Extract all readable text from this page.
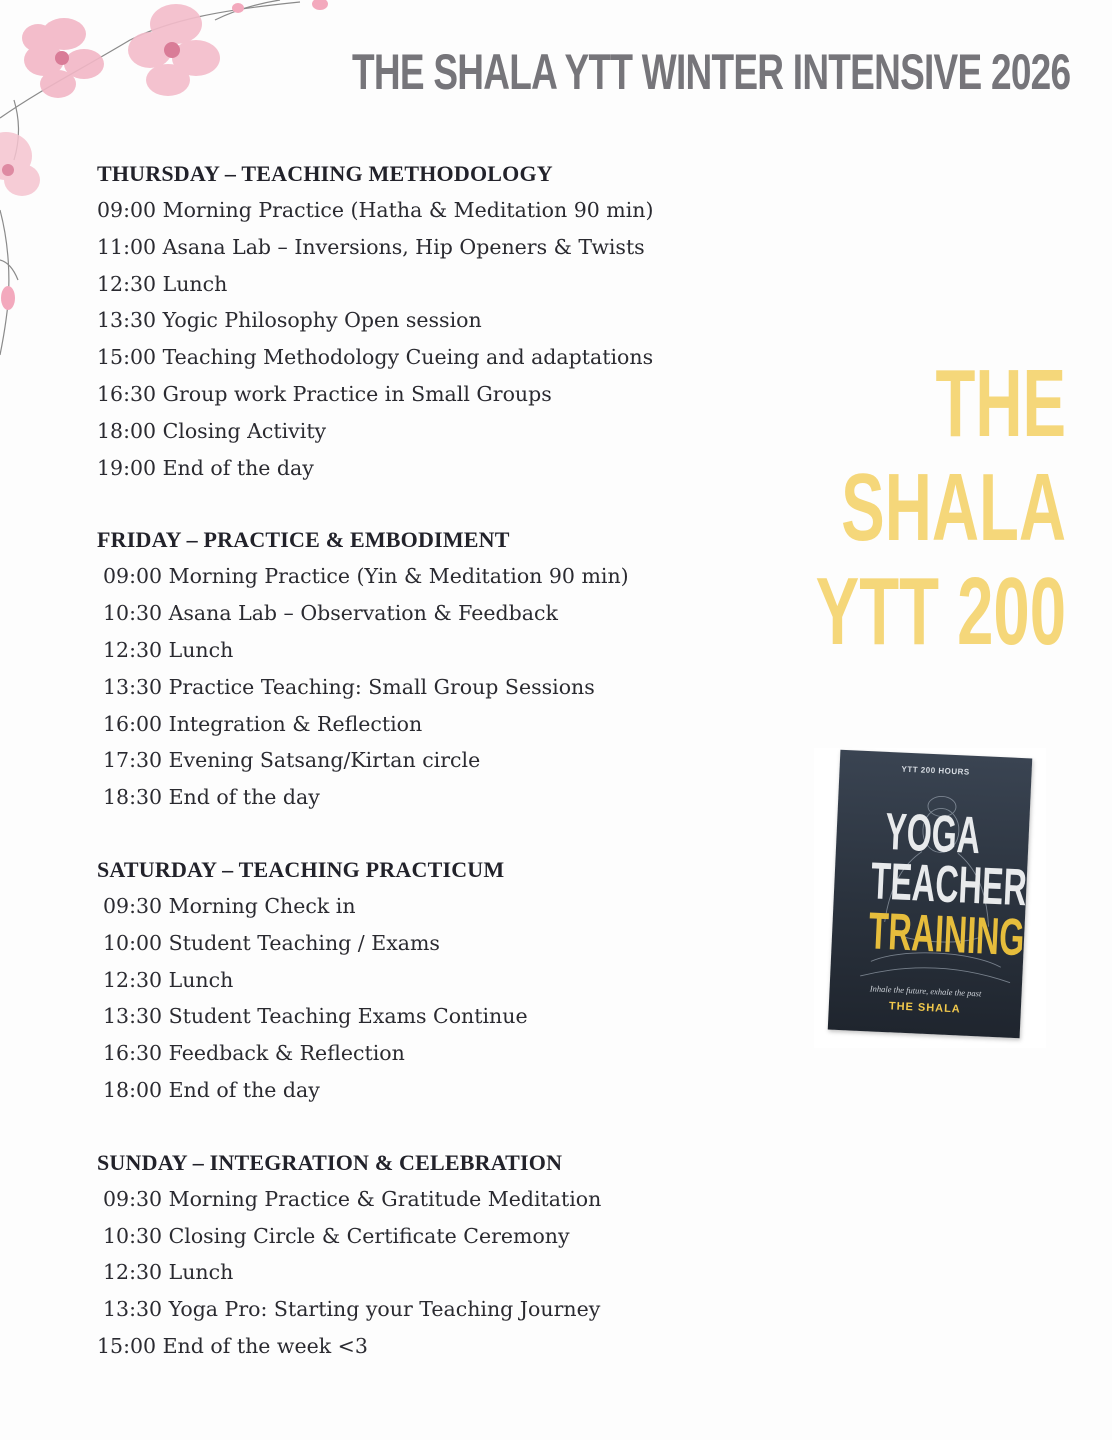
THE SHALA YTT WINTER INTENSIVE 2026

THURSDAY – TEACHING METHODOLOGY

09:00 Morning Practice (Hatha & Meditation 90 min)

11:00 Asana Lab – Inversions, Hip Openers & Twists

12:30 Lunch

13:30 Yogic Philosophy Open session

15:00 Teaching Methodology Cueing and adaptations

16:30 Group work Practice in Small Groups

18:00 Closing Activity

19:00 End of the day

FRIDAY – PRACTICE & EMBODIMENT

09:00 Morning Practice (Yin & Meditation 90 min)

10:30 Asana Lab – Observation & Feedback

12:30 Lunch

13:30 Practice Teaching: Small Group Sessions

16:00 Integration & Reflection

17:30 Evening Satsang/Kirtan circle

18:30 End of the day

SATURDAY – TEACHING PRACTICUM

09:30 Morning Check in

10:00 Student Teaching / Exams

12:30 Lunch

13:30 Student Teaching Exams Continue

16:30 Feedback & Reflection

18:00 End of the day

SUNDAY – INTEGRATION & CELEBRATION

09:30 Morning Practice & Gratitude Meditation

10:30 Closing Circle & Certificate Ceremony

12:30 Lunch

13:30 Yoga Pro: Starting your Teaching Journey

15:00 End of the week <3

THE
SHALA
YTT 200
YTT 200 HOURS
YOGA
TEACHER
TRAINING
Inhale the future, exhale the past
THE SHALA
